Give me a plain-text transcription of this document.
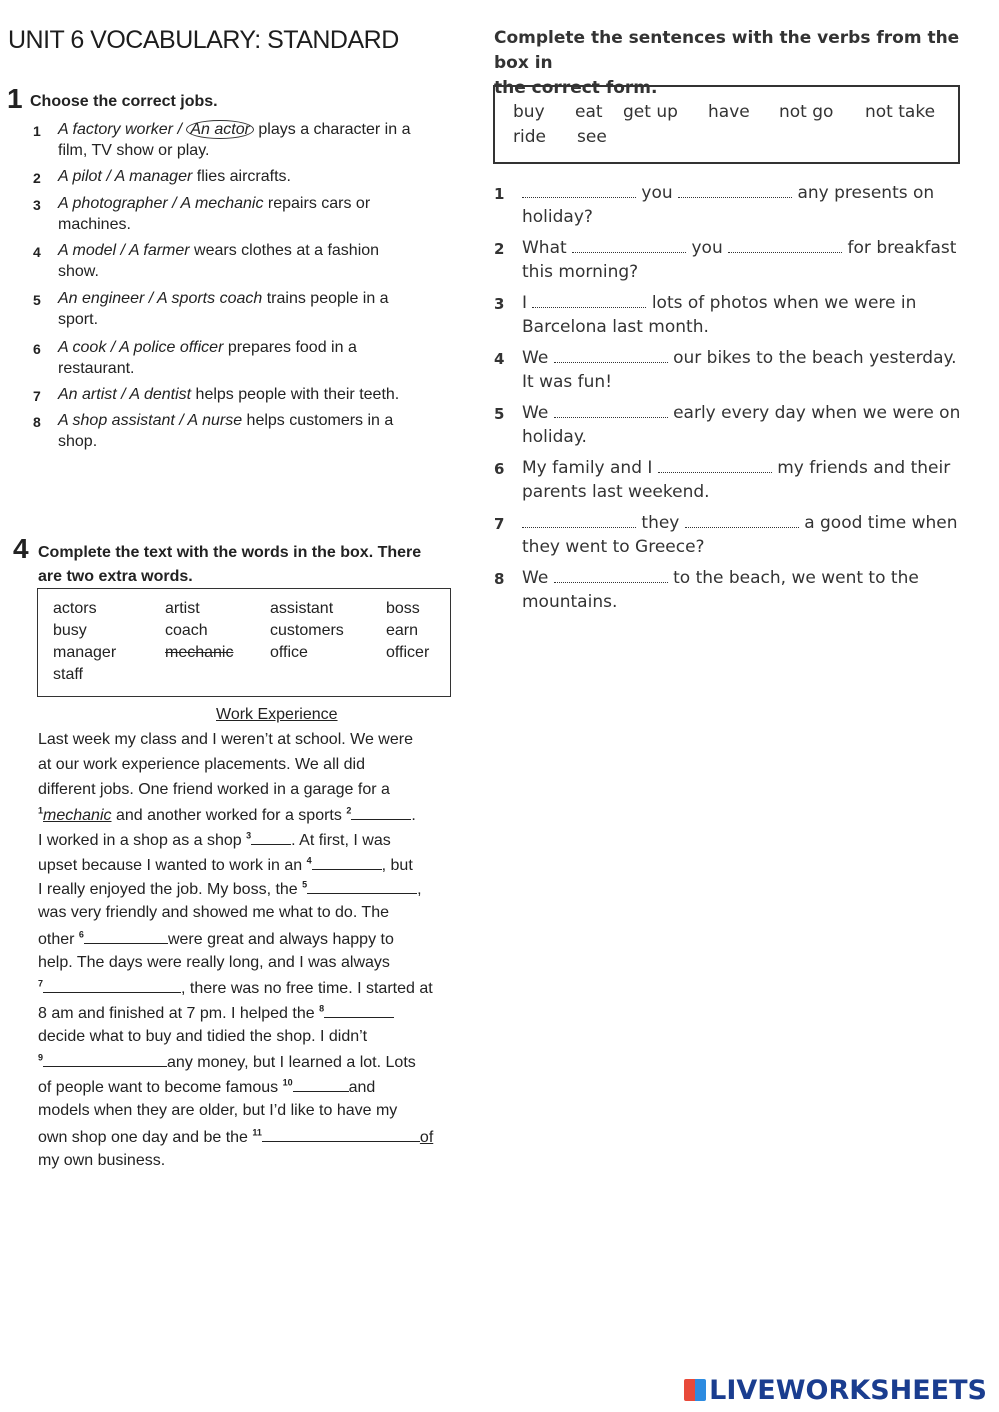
UNIT 6 VOCABULARY: STANDARD
1 Choose the correct jobs.
1 A factory worker / An actor plays a character in a
film, TV show or play.
2 A pilot / A manager flies aircrafts.
3 A photographer / A mechanic repairs cars or
machines.
4 A model / A farmer wears clothes at a fashion
show.
5 An engineer / A sports coach trains people in a
sport.
6 A cook / A police officer prepares food in a
restaurant.
7 An artist / A dentist helps people with their teeth.
8 A shop assistant / A nurse helps customers in a
shop.
Complete the sentences with the verbs from the box in
the correct form.
buy eat get up have not go not take
ride see
1	you	any presents on
holiday?
2 What	you	for breakfast
this morning?
3 I	lots of photos when we were in
Barcelona last month.
4 We	our bikes to the beach yesterday.
It was fun!
5 We	early every day when we were on
holiday.
6 My family and I	my friends and their
parents last weekend.
7	they	a good time when
they went to Greece?
8 We	to the beach, we went to the
mountains.
4 Complete the text with the words in the box. There
are two extra words.
actors	artist	assistant	boss
busy	coach	customers	earn
manager	mechanic office	officer
staff
Work Experience
Last week my class and I weren’t at school. We were
at our work experience placements. We all did
different jobs. One friend worked in a garage for a
$^1$mechanic and another worked for a sports $^2$	.
I worked in a shop as a shop $^3$	. At first, I was
upset because I wanted to work in an $^4$	, but
I really enjoyed the job. My boss, the $^5$	,
was very friendly and showed me what to do. The
other $^6$	were great and always happy to
help. The days were really long, and I was always
$^7$	, there was no free time. I started at
8 am and finished at 7 pm. I helped the $^8$
decide what to buy and tidied the shop. I didn’t
$^9$	any money, but I learned a lot. Lots
of people want to become famous $^{10}$	and
models when they are older, but I’d like to have my
own shop one day and be the $^{11}$	of
my own business.
LIVEWORKSHEETS
